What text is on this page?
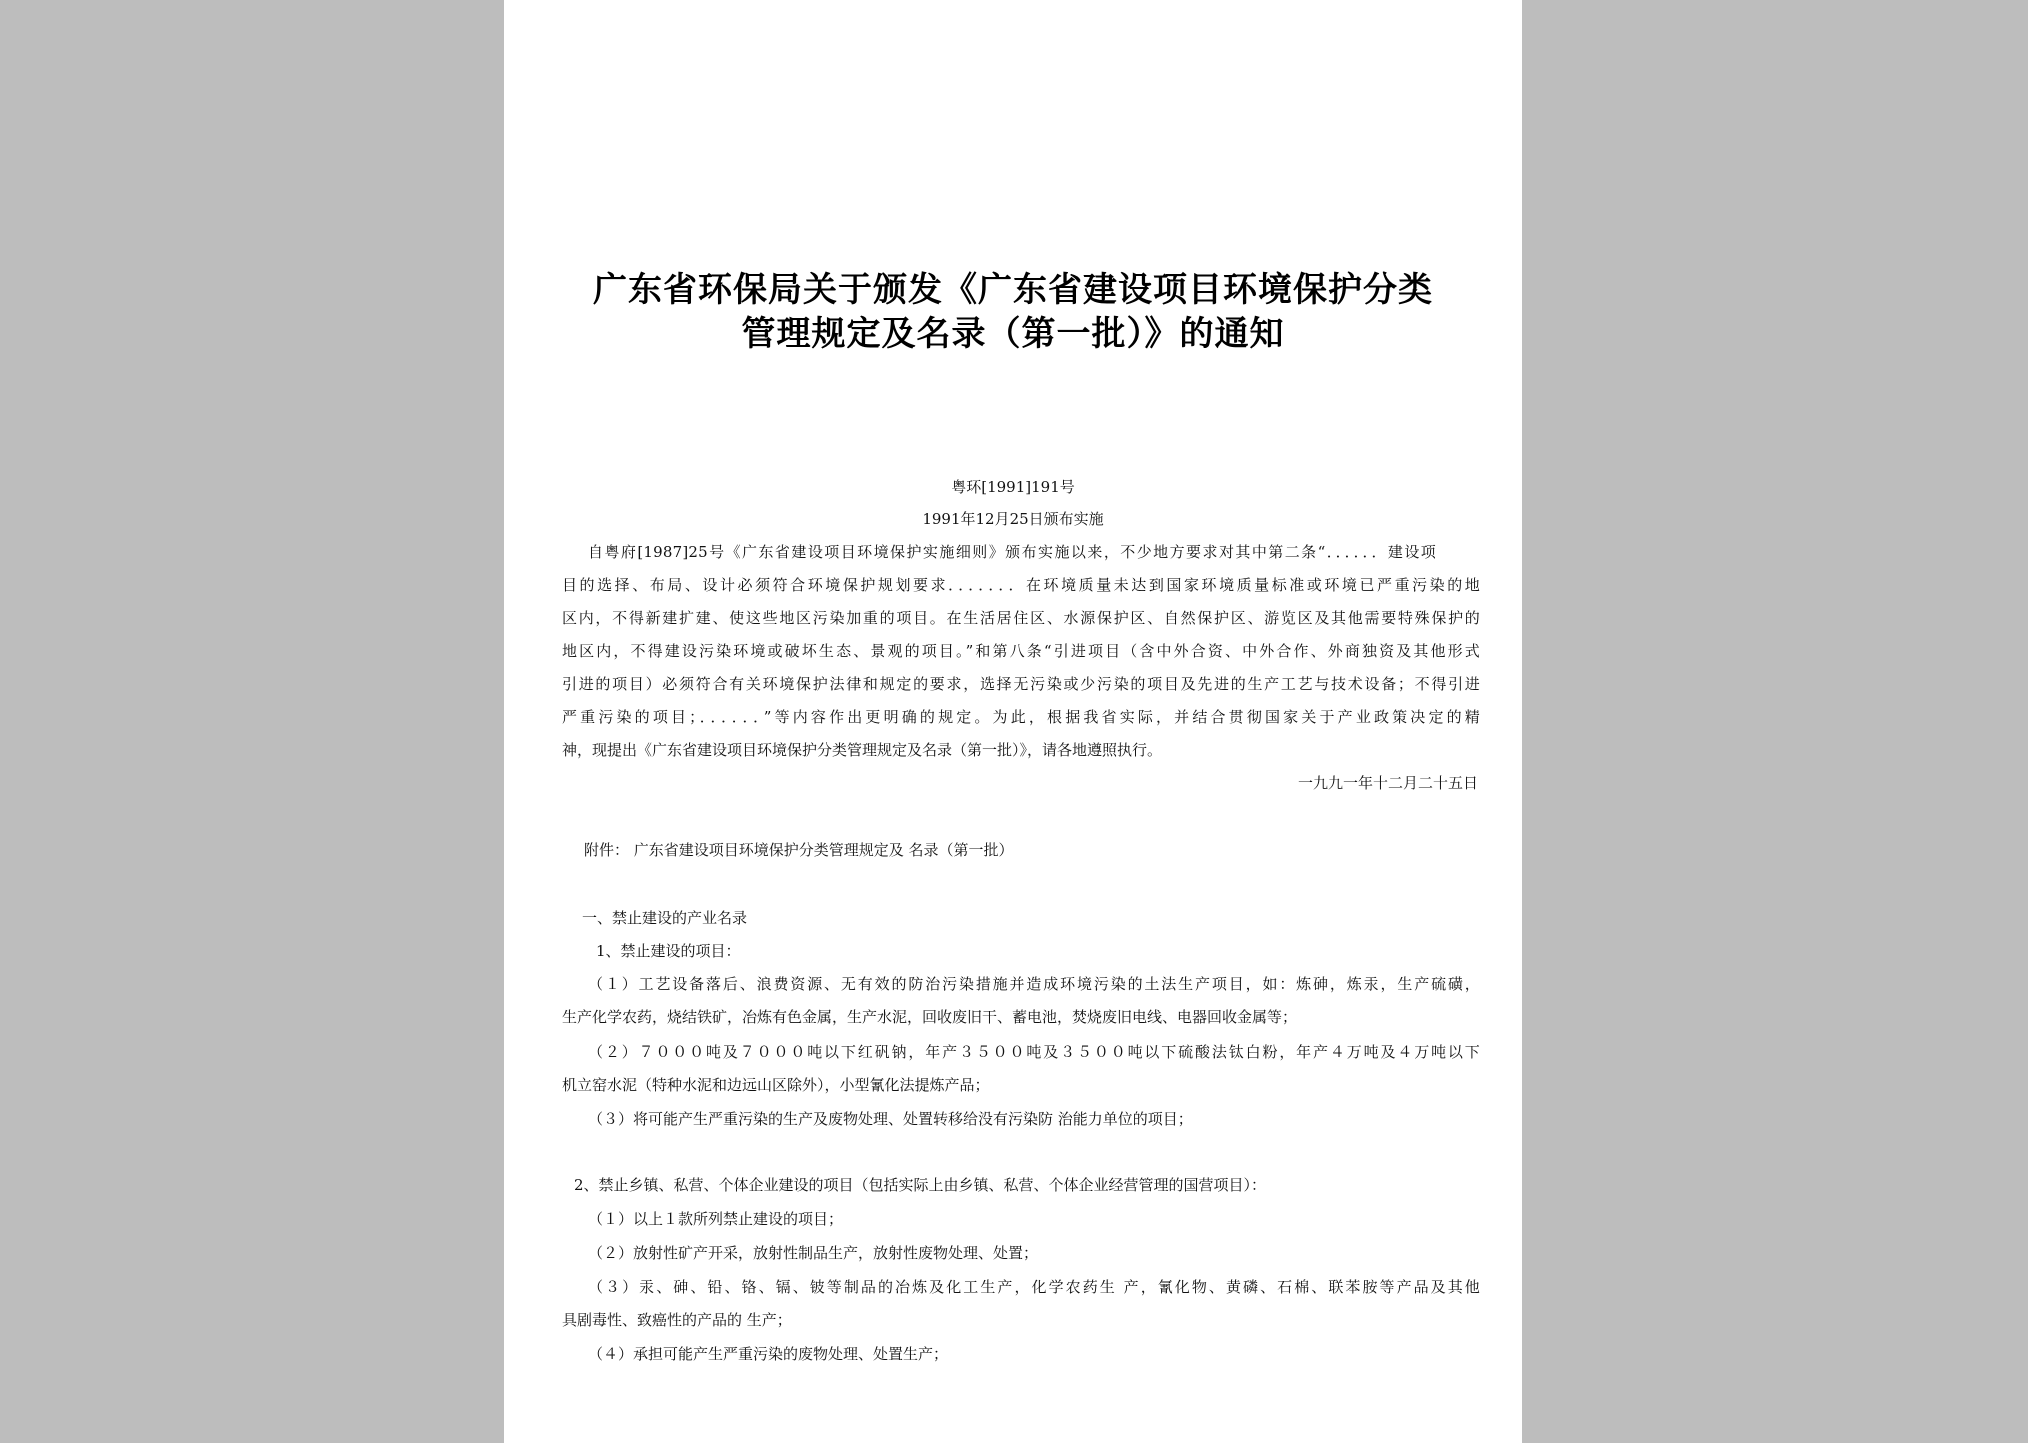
广东省环保局关于颁发《广东省建设项目环境保护分类
管理规定及名录（第一批）》的通知
粤环[1991]191号
1991年12月25日颁布实施
自粤府[1987]25号《广东省建设项目环境保护实施细则》颁布实施以来，不少地方要求对其中第二条“．．．．．．建设项
目的选择、布局、设计必须符合环境保护规划要求．．．．．．．在环境质量未达到国家环境质量标准或环境已严重污染的地
区内，不得新建扩建、使这些地区污染加重的项目。在生活居住区、水源保护区、自然保护区、游览区及其他需要特殊保护的
地区内，不得建设污染环境或破坏生态、景观的项目。”和第八条“引进项目（含中外合资、中外合作、外商独资及其他形式
引进的项目）必须符合有关环境保护法律和规定的要求，选择无污染或少污染的项目及先进的生产工艺与技术设备；不得引进
严重污染的项目；．．．．．．”等内容作出更明确的规定。为此，根据我省实际，并结合贯彻国家关于产业政策决定的精
神，现提出《广东省建设项目环境保护分类管理规定及名录（第一批）》，请各地遵照执行。
一九九一年十二月二十五日
附件： 广东省建设项目环境保护分类管理规定及 名录（第一批）
一、禁止建设的产业名录
1、禁止建设的项目：
（１）工艺设备落后、浪费资源、无有效的防治污染措施并造成环境污染的土法生产项目，如：炼砷，炼汞，生产硫磺，
生产化学农药，烧结铁矿，冶炼有色金属，生产水泥，回收废旧干、蓄电池，焚烧废旧电线、电器回收金属等；
（２）７０００吨及７０００吨以下红矾钠，年产３５００吨及３５００吨以下硫酸法钛白粉，年产４万吨及４万吨以下
机立窑水泥（特种水泥和边远山区除外），小型氰化法提炼产品；
（３）将可能产生严重污染的生产及废物处理、处置转移给没有污染防 治能力单位的项目；
2、禁止乡镇、私营、个体企业建设的项目（包括实际上由乡镇、私营、个体企业经营管理的国营项目）：
（１）以上１款所列禁止建设的项目；
（２）放射性矿产开采，放射性制品生产，放射性废物处理、处置；
（３）汞、砷、铅、铬、镉、铍等制品的冶炼及化工生产，化学农药生 产，氰化物、黄磷、石棉、联苯胺等产品及其他
具剧毒性、致癌性的产品的 生产；
（４）承担可能产生严重污染的废物处理、处置生产；
